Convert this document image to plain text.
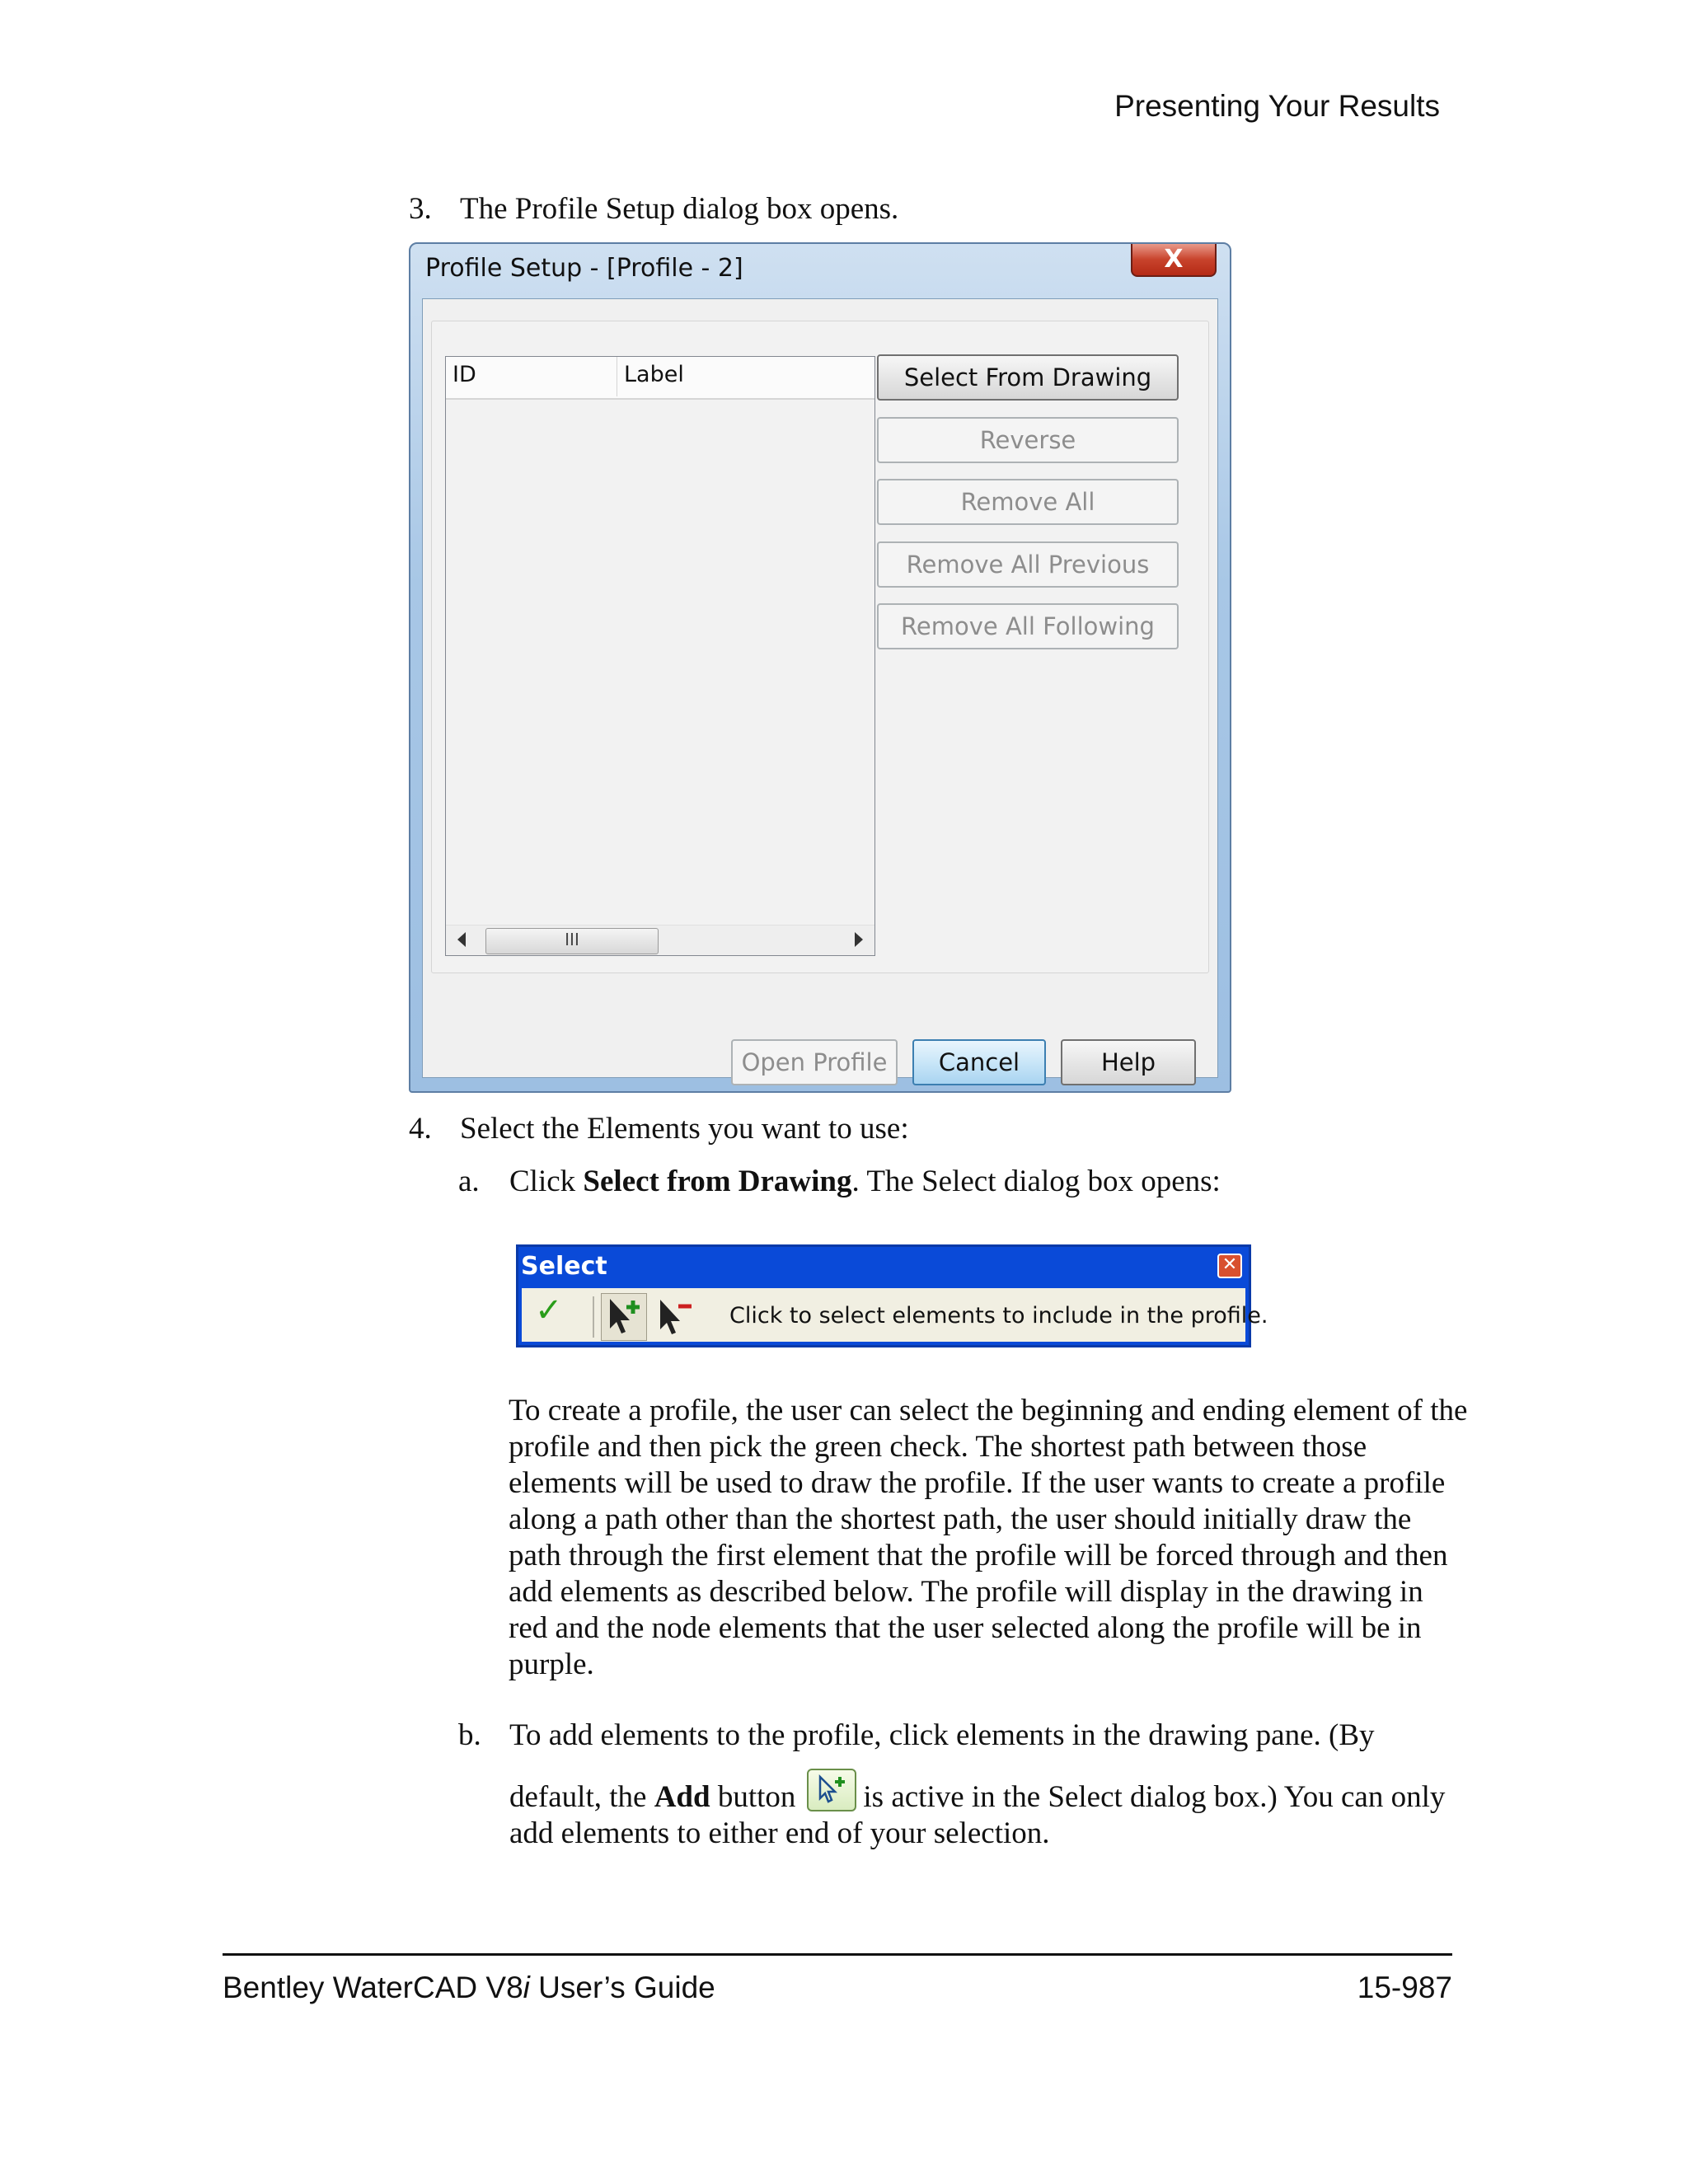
Presenting Your Results
3. The Profile Setup dialog box opens.
Profile Setup - [Profile - 2]	X
ID	Label
III
Select From Drawing
Reverse
Remove All
Remove All Previous
Remove All Following
Open Profile	Cancel	Help
4. Select the Elements you want to use:
a. Click Select from Drawing. The Select dialog box opens:
Select	✕
✓	Click to select elements to include in the profile.
To create a profile, the user can select the beginning and ending element of the
profile and then pick the green check. The shortest path between those
elements will be used to draw the profile. If the user wants to create a profile
along a path other than the shortest path, the user should initially draw the
path through the first element that the profile will be forced through and then
add elements as described below. The profile will display in the drawing in
red and the node elements that the user selected along the profile will be in
purple.
b. To add elements to the profile, click elements in the drawing pane. (By
default, the Add button is active in the Select dialog box.) You can only
add elements to either end of your selection.
Bentley WaterCAD V8i User’s Guide	15-987
